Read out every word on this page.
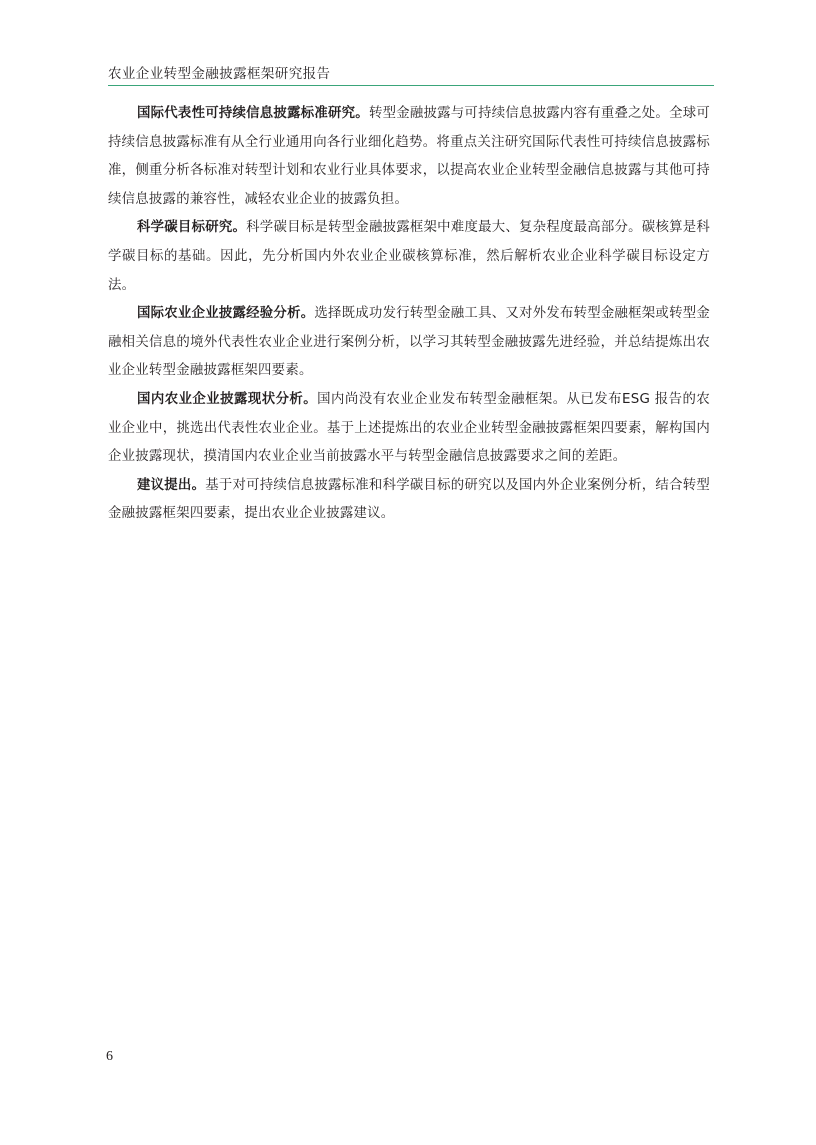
农业企业转型金融披露框架研究报告

国际代表性可持续信息披露标准研究。转型金融披露与可持续信息披露内容有重叠之处。全球可持续信息披露标准有从全行业通用向各行业细化趋势。将重点关注研究国际代表性可持续信息披露标准，侧重分析各标准对转型计划和农业行业具体要求，以提高农业企业转型金融信息披露与其他可持续信息披露的兼容性，减轻农业企业的披露负担。

科学碳目标研究。科学碳目标是转型金融披露框架中难度最大、复杂程度最高部分。碳核算是科学碳目标的基础。因此，先分析国内外农业企业碳核算标准，然后解析农业企业科学碳目标设定方法。

国际农业企业披露经验分析。选择既成功发行转型金融工具、又对外发布转型金融框架或转型金融相关信息的境外代表性农业企业进行案例分析，以学习其转型金融披露先进经验，并总结提炼出农业企业转型金融披露框架四要素。

国内农业企业披露现状分析。国内尚没有农业企业发布转型金融框架。从已发布ESG 报告的农业企业中，挑选出代表性农业企业。基于上述提炼出的农业企业转型金融披露框架四要素，解构国内企业披露现状，摸清国内农业企业当前披露水平与转型金融信息披露要求之间的差距。

建议提出。基于对可持续信息披露标准和科学碳目标的研究以及国内外企业案例分析，结合转型金融披露框架四要素，提出农业企业披露建议。

6
